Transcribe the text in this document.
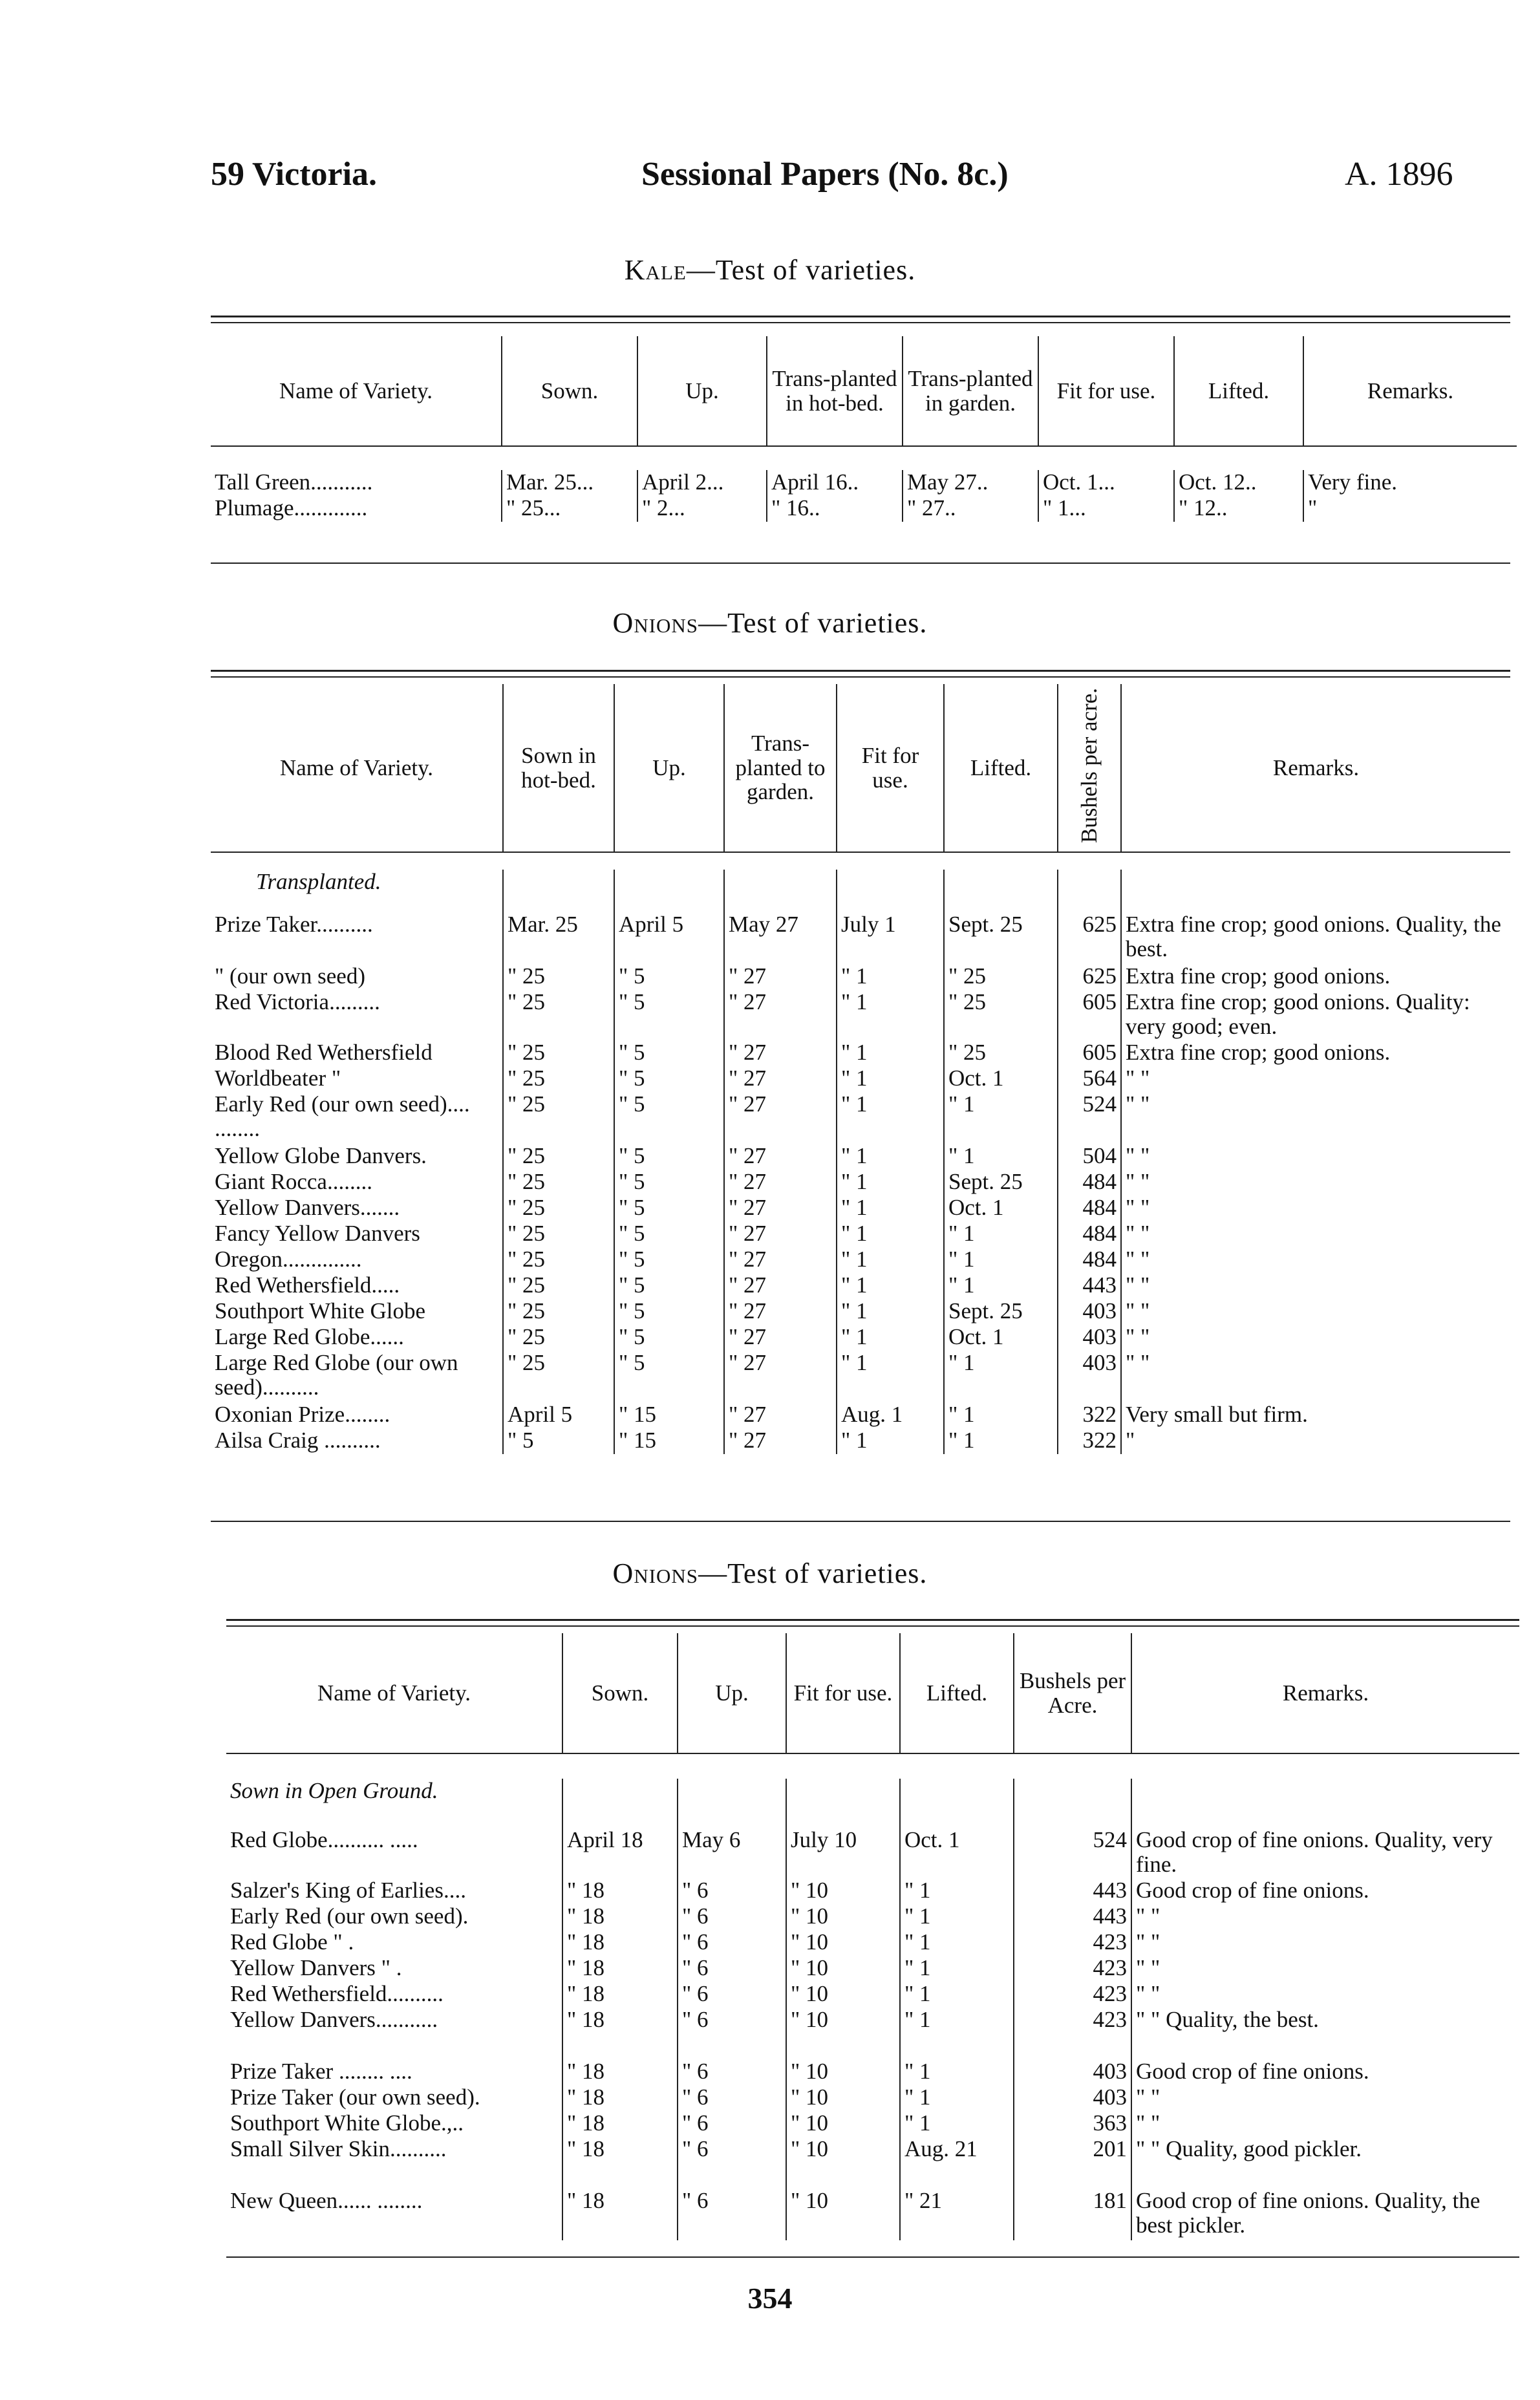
59 Victoria.	Sessional Papers (No. 8c.)	A. 1896
Kale—Test of varieties.
Name of Variety.	Sown.	Up.	Trans-planted in hot-bed.	Trans-planted in garden.	Fit for use.	Lifted.	Remarks.

Tall Green...........	Mar. 25...	April 2...	April 16..	May 27..	Oct. 1...	Oct. 12..	Very fine.
Plumage.............	" 25...	" 2...	" 16..	" 27..	" 1...	" 12..	"
Onions—Test of varieties.
Name of Variety.	Sown in hot-bed.	Up.	Trans-planted to garden.	Fit for use.	Lifted.	Bushels per acre.	Remarks.

Transplanted.							
Prize Taker..........	Mar. 25	April 5	May 27	July 1	Sept. 25	625	Extra fine crop; good onions. Quality, the best.
" (our own seed)	" 25	" 5	" 27	" 1	" 25	625	Extra fine crop; good onions.
Red Victoria.........	" 25	" 5	" 27	" 1	" 25	605	Extra fine crop; good onions. Quality: very good; even.
Blood Red Wethersfield	" 25	" 5	" 27	" 1	" 25	605	Extra fine crop; good onions.
Worldbeater "	" 25	" 5	" 27	" 1	Oct. 1	564	" "
Early Red (our own seed).... ........	" 25	" 5	" 27	" 1	" 1	524	" "
Yellow Globe Danvers.	" 25	" 5	" 27	" 1	" 1	504	" "
Giant Rocca........	" 25	" 5	" 27	" 1	Sept. 25	484	" "
Yellow Danvers.......	" 25	" 5	" 27	" 1	Oct. 1	484	" "
Fancy Yellow Danvers	" 25	" 5	" 27	" 1	" 1	484	" "
Oregon..............	" 25	" 5	" 27	" 1	" 1	484	" "
Red Wethersfield.....	" 25	" 5	" 27	" 1	" 1	443	" "
Southport White Globe	" 25	" 5	" 27	" 1	Sept. 25	403	" "
Large Red Globe......	" 25	" 5	" 27	" 1	Oct. 1	403	" "
Large Red Globe (our own seed)..........	" 25	" 5	" 27	" 1	" 1	403	" "
Oxonian Prize........	April 5	" 15	" 27	Aug. 1	" 1	322	Very small but firm.
Ailsa Craig ..........	" 5	" 15	" 27	" 1	" 1	322	"
Onions—Test of varieties.
Name of Variety.	Sown.	Up.	Fit for use.	Lifted.	Bushels per Acre.	Remarks.

Sown in Open Ground.						
Red Globe.......... .....	April 18	May 6	July 10	Oct. 1	524	Good crop of fine onions. Quality, very fine.
Salzer's King of Earlies....	" 18	" 6	" 10	" 1	443	Good crop of fine onions.
Early Red (our own seed).	" 18	" 6	" 10	" 1	443	" "
Red Globe " .	" 18	" 6	" 10	" 1	423	" "
Yellow Danvers " .	" 18	" 6	" 10	" 1	423	" "
Red Wethersfield..........	" 18	" 6	" 10	" 1	423	" "
Yellow Danvers...........	" 18	" 6	" 10	" 1	423	" " Quality, the best.
Prize Taker ........ ....	" 18	" 6	" 10	" 1	403	Good crop of fine onions.
Prize Taker (our own seed).	" 18	" 6	" 10	" 1	403	" "
Southport White Globe.,..	" 18	" 6	" 10	" 1	363	" "
Small Silver Skin..........	" 18	" 6	" 10	Aug. 21	201	" " Quality, good pickler.
New Queen...... ........	" 18	" 6	" 10	" 21	181	Good crop of fine onions. Quality, the best pickler.
354
